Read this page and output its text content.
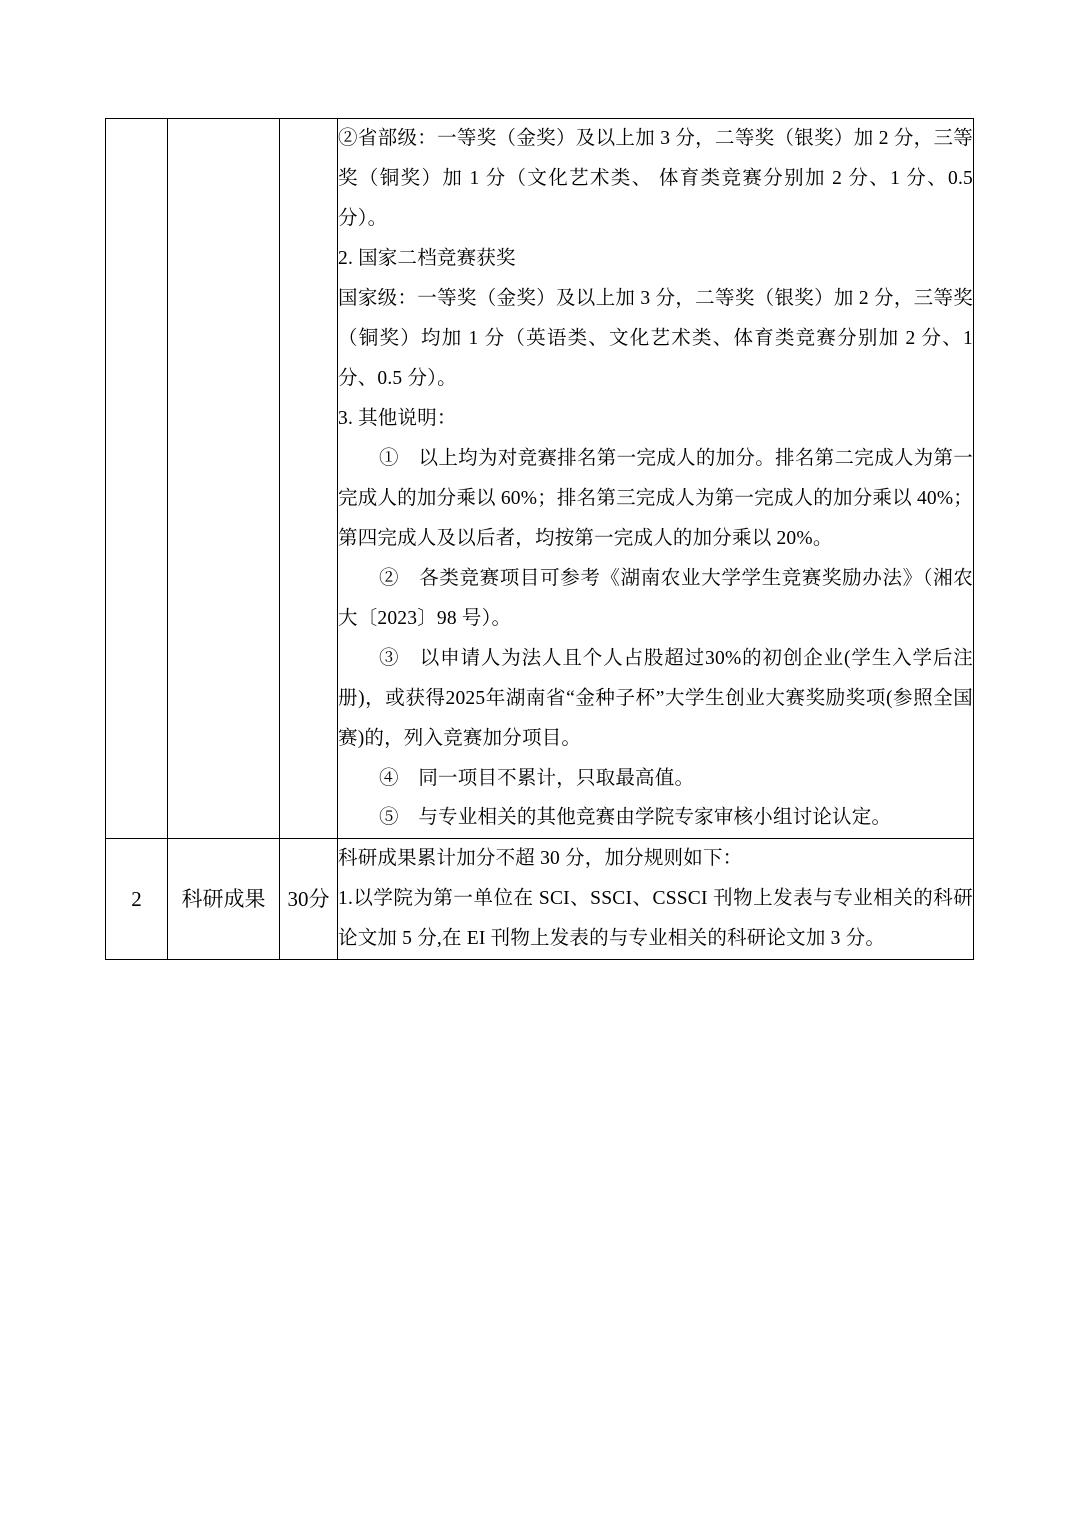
②省部级：一等奖（金奖）及以上加 3 分，二等奖（银奖）加 2 分，三等奖（铜奖）加 1 分（文化艺术类、 体育类竞赛分别加 2 分、1 分、0.5 分）。

2. 国家二档竞赛获奖

国家级：一等奖（金奖）及以上加 3 分，二等奖（银奖）加 2 分，三等奖（铜奖）均加 1 分（英语类、文化艺术类、体育类竞赛分别加 2 分、1 分、0.5 分）。

3. 其他说明：

①　以上均为对竞赛排名第一完成人的加分。排名第二完成人为第一完成人的加分乘以 60%；排名第三完成人为第一完成人的加分乘以 40%；第四完成人及以后者，均按第一完成人的加分乘以 20%。

②　各类竞赛项目可参考《湖南农业大学学生竞赛奖励办法》（湘农大〔2023〕98 号）。

③　以申请人为法人且个人占股超过30%的初创企业(学生入学后注册)，或获得2025年湖南省“金种子杯”大学生创业大赛奖励奖项(参照全国赛)的，列入竞赛加分项目。

④　同一项目不累计，只取最高值。

⑤　与专业相关的其他竞赛由学院专家审核小组讨论认定。

2	科研成果	30分	科研成果累计加分不超 30 分，加分规则如下：

1.以学院为第一单位在 SCI、SSCI、CSSCI 刊物上发表与专业相关的科研论文加 5 分,在 EI 刊物上发表的与专业相关的科研论文加 3 分。
